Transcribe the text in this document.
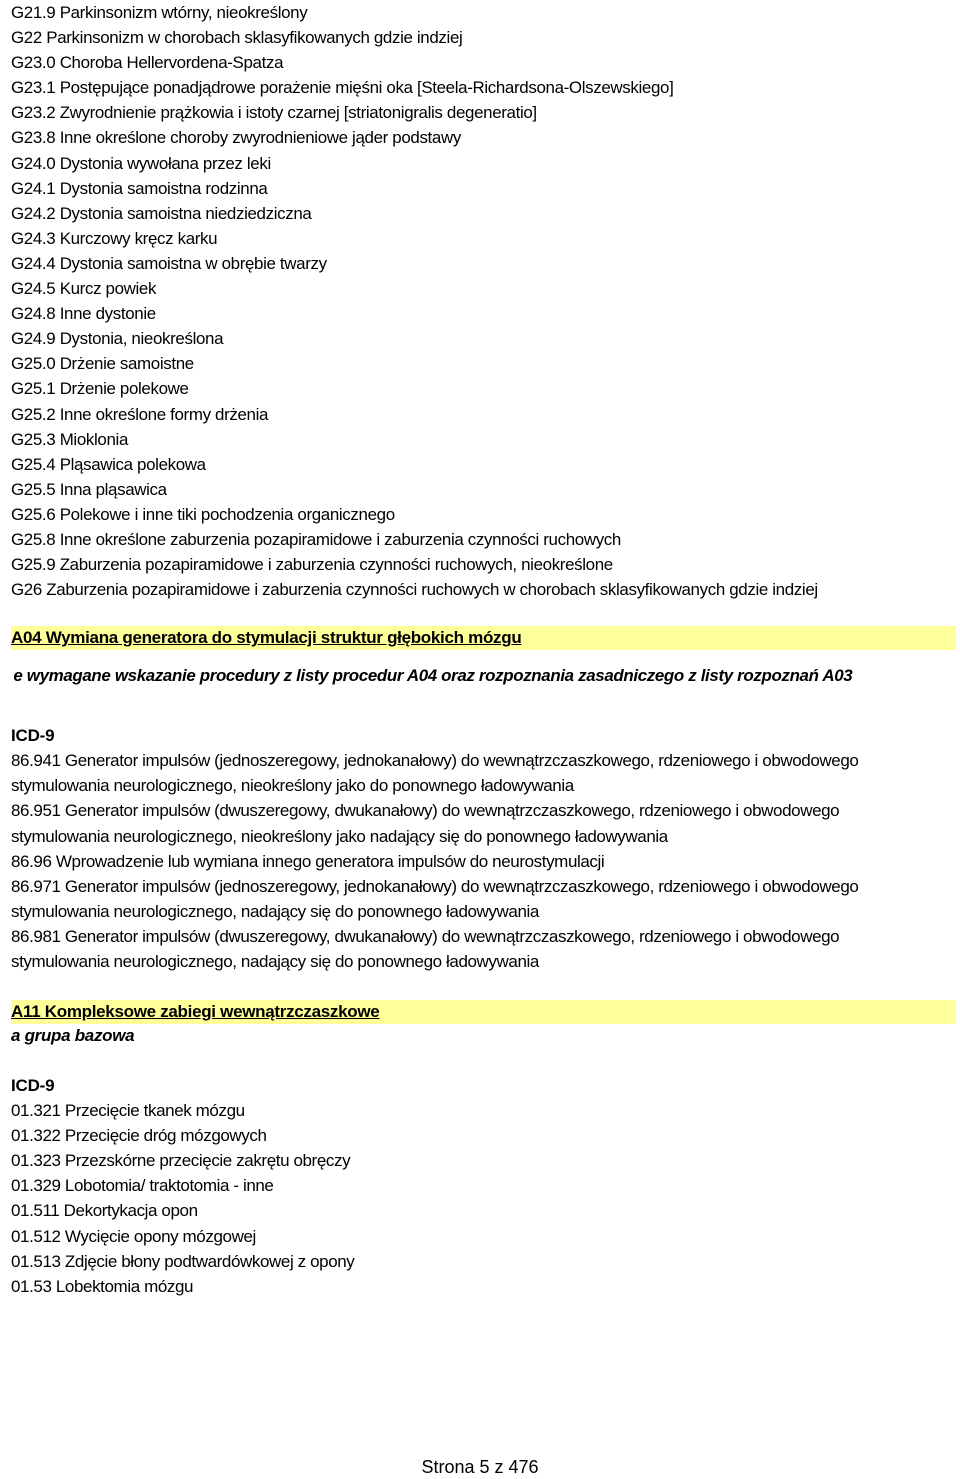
G21.9 Parkinsonizm wtórny, nieokreślony
G22 Parkinsonizm w chorobach sklasyfikowanych gdzie indziej
G23.0 Choroba Hellervordena-Spatza
G23.1 Postępujące ponadjądrowe porażenie mięśni oka [Steela-Richardsona-Olszewskiego]
G23.2 Zwyrodnienie prążkowia i istoty czarnej [striatonigralis degeneratio]
G23.8 Inne określone choroby zwyrodnieniowe jąder podstawy
G24.0 Dystonia wywołana przez leki
G24.1 Dystonia samoistna rodzinna
G24.2 Dystonia samoistna niedziedziczna
G24.3 Kurczowy kręcz karku
G24.4 Dystonia samoistna w obrębie twarzy
G24.5 Kurcz powiek
G24.8 Inne dystonie
G24.9 Dystonia, nieokreślona
G25.0 Drżenie samoistne
G25.1 Drżenie polekowe
G25.2 Inne określone formy drżenia
G25.3 Mioklonia
G25.4 Pląsawica polekowa
G25.5 Inna pląsawica
G25.6 Polekowe i inne tiki pochodzenia organicznego
G25.8 Inne określone zaburzenia pozapiramidowe i zaburzenia czynności ruchowych
G25.9 Zaburzenia pozapiramidowe i zaburzenia czynności ruchowych, nieokreślone
G26 Zaburzenia pozapiramidowe i zaburzenia czynności ruchowych w chorobach sklasyfikowanych gdzie indziej
A04 Wymiana generatora do stymulacji struktur głębokich mózgu
e wymagane wskazanie procedury z listy procedur A04 oraz rozpoznania zasadniczego z listy rozpoznań A03
ICD-9
86.941 Generator impulsów (jednoszeregowy, jednokanałowy) do wewnątrzczaszkowego, rdzeniowego i obwodowego stymulowania neurologicznego, nieokreślony jako do ponownego ładowywania
86.951 Generator impulsów (dwuszeregowy, dwukanałowy) do wewnątrzczaszkowego, rdzeniowego i obwodowego stymulowania neurologicznego, nieokreślony jako nadający się do ponownego ładowywania
86.96 Wprowadzenie lub wymiana innego generatora impulsów do neurostymulacji
86.971 Generator impulsów (jednoszeregowy, jednokanałowy) do wewnątrzczaszkowego, rdzeniowego i obwodowego stymulowania neurologicznego, nadający się do ponownego ładowywania
86.981 Generator impulsów (dwuszeregowy, dwukanałowy) do wewnątrzczaszkowego, rdzeniowego i obwodowego stymulowania neurologicznego, nadający się do ponownego ładowywania
A11 Kompleksowe zabiegi wewnątrzczaszkowe
a grupa bazowa
ICD-9
01.321 Przecięcie tkanek mózgu
01.322 Przecięcie dróg mózgowych
01.323 Przezskórne przecięcie zakrętu obręczy
01.329 Lobotomia/ traktotomia - inne
01.511 Dekortykacja opon
01.512 Wycięcie opony mózgowej
01.513 Zdjęcie błony podtwardówkowej z opony
01.53 Lobektomia mózgu
Strona 5 z 476
